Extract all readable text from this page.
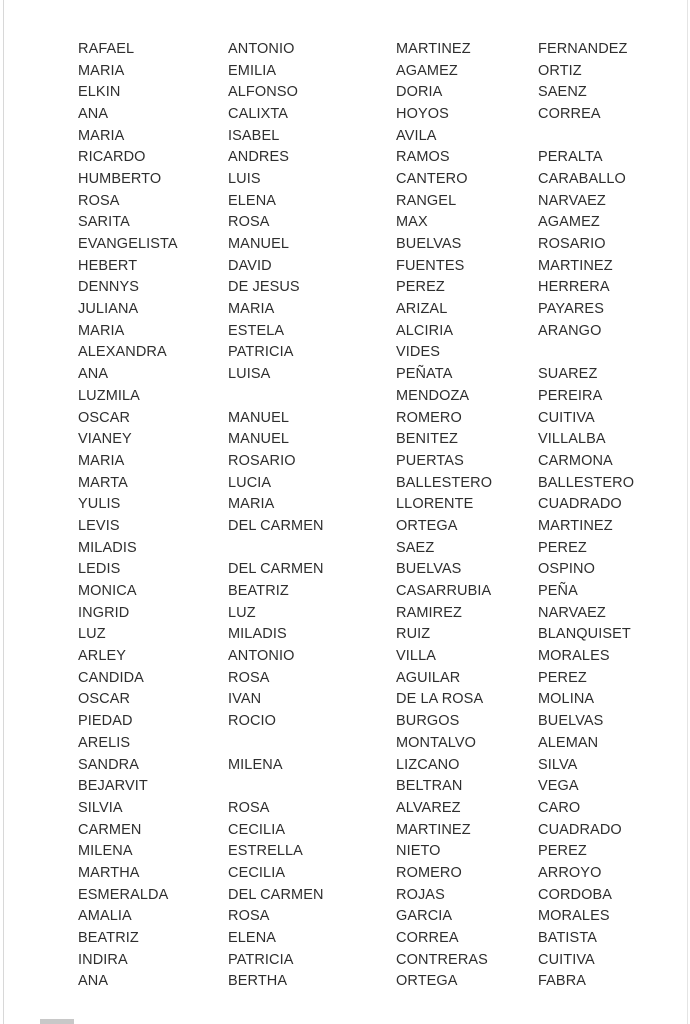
RAFAEL	ANTONIO	MARTINEZ	FERNANDEZ
MARIA	EMILIA	AGAMEZ	ORTIZ
ELKIN	ALFONSO	DORIA	SAENZ
ANA	CALIXTA	HOYOS	CORREA
MARIA	ISABEL	AVILA	
RICARDO	ANDRES	RAMOS	PERALTA
HUMBERTO	LUIS	CANTERO	CARABALLO
ROSA	ELENA	RANGEL	NARVAEZ
SARITA	ROSA	MAX	AGAMEZ
EVANGELISTA	MANUEL	BUELVAS	ROSARIO
HEBERT	DAVID	FUENTES	MARTINEZ
DENNYS	DE JESUS	PEREZ	HERRERA
JULIANA	MARIA	ARIZAL	PAYARES
MARIA	ESTELA	ALCIRIA	ARANGO
ALEXANDRA	PATRICIA	VIDES	
ANA	LUISA	PEÑATA	SUAREZ
LUZMILA		MENDOZA	PEREIRA
OSCAR	MANUEL	ROMERO	CUITIVA
VIANEY	MANUEL	BENITEZ	VILLALBA
MARIA	ROSARIO	PUERTAS	CARMONA
MARTA	LUCIA	BALLESTERO	BALLESTERO
YULIS	MARIA	LLORENTE	CUADRADO
LEVIS	DEL CARMEN	ORTEGA	MARTINEZ
MILADIS		SAEZ	PEREZ
LEDIS	DEL CARMEN	BUELVAS	OSPINO
MONICA	BEATRIZ	CASARRUBIA	PEÑA
INGRID	LUZ	RAMIREZ	NARVAEZ
LUZ	MILADIS	RUIZ	BLANQUISET
ARLEY	ANTONIO	VILLA	MORALES
CANDIDA	ROSA	AGUILAR	PEREZ
OSCAR	IVAN	DE LA ROSA	MOLINA
PIEDAD	ROCIO	BURGOS	BUELVAS
ARELIS		MONTALVO	ALEMAN
SANDRA	MILENA	LIZCANO	SILVA
BEJARVIT		BELTRAN	VEGA
SILVIA	ROSA	ALVAREZ	CARO
CARMEN	CECILIA	MARTINEZ	CUADRADO
MILENA	ESTRELLA	NIETO	PEREZ
MARTHA	CECILIA	ROMERO	ARROYO
ESMERALDA	DEL CARMEN	ROJAS	CORDOBA
AMALIA	ROSA	GARCIA	MORALES
BEATRIZ	ELENA	CORREA	BATISTA
INDIRA	PATRICIA	CONTRERAS	CUITIVA
ANA	BERTHA	ORTEGA	FABRA
